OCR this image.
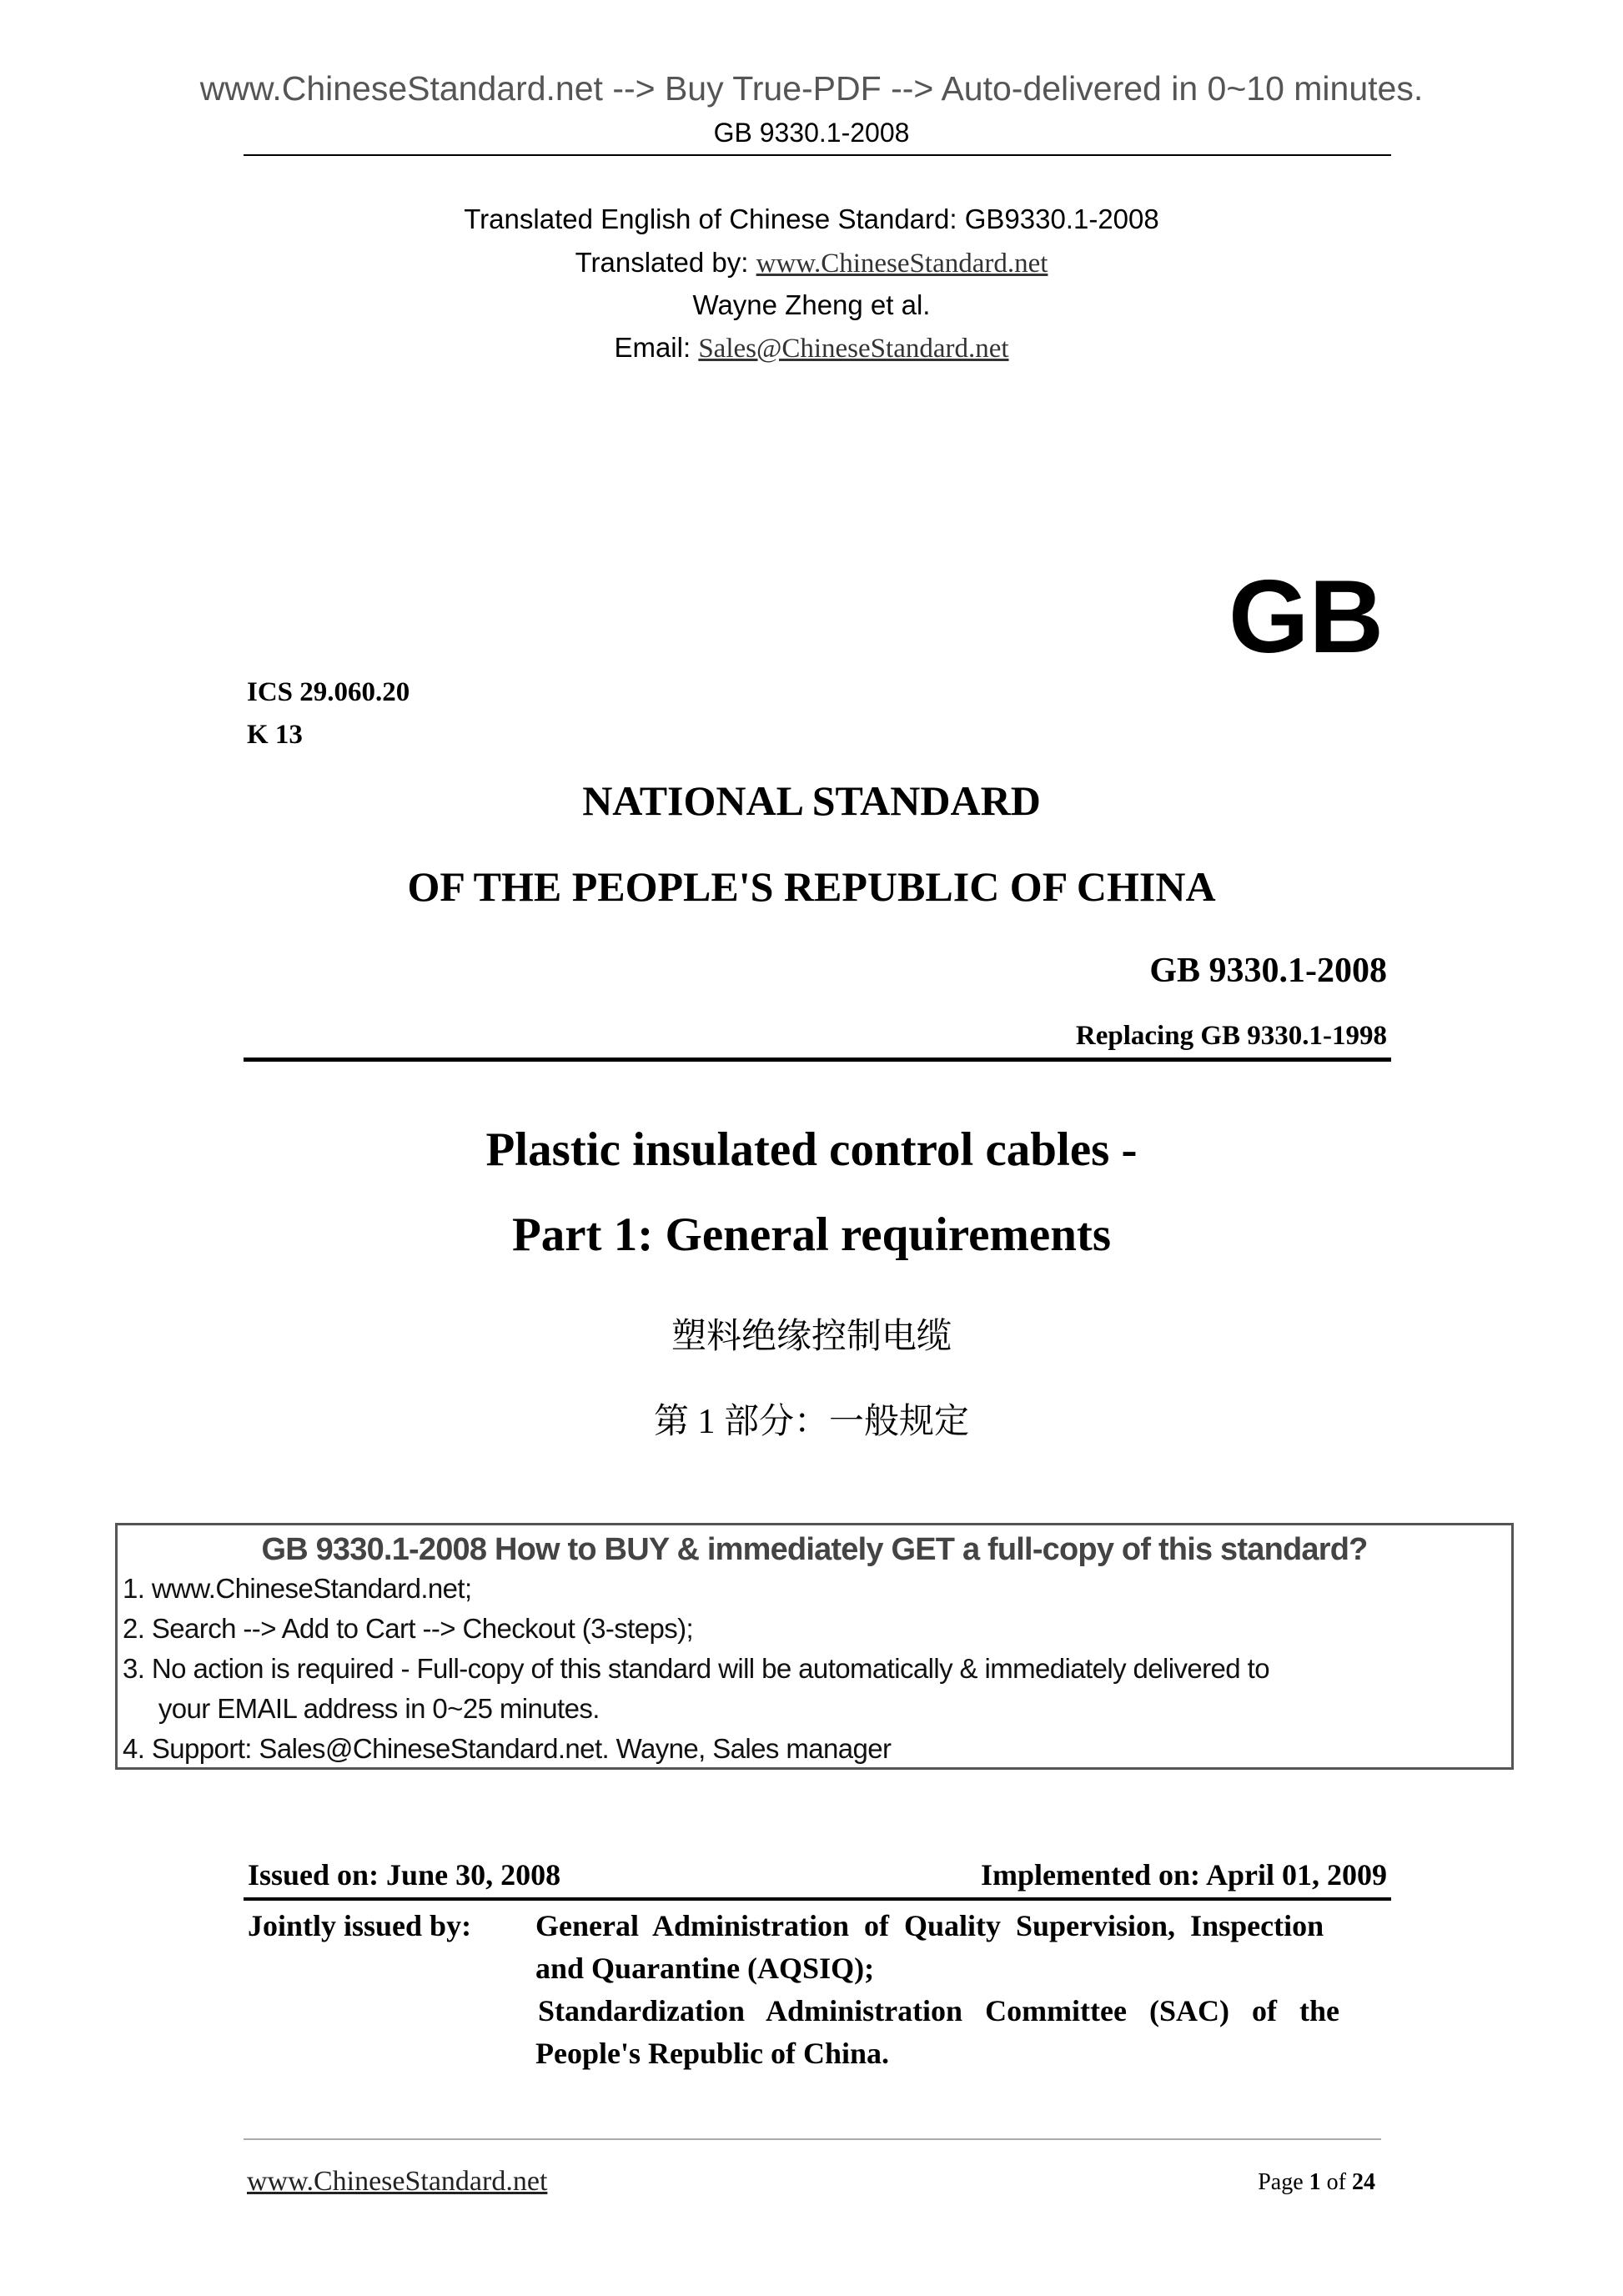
www.ChineseStandard.net --> Buy True-PDF --> Auto-delivered in 0~10 minutes.
GB 9330.1-2008
Translated English of Chinese Standard: GB9330.1-2008
Translated by: www.ChineseStandard.net
Wayne Zheng et al.
Email: Sales@ChineseStandard.net
GB
ICS 29.060.20
K 13
NATIONAL STANDARD
OF THE PEOPLE'S REPUBLIC OF CHINA
GB 9330.1-2008
Replacing GB 9330.1-1998
Plastic insulated control cables -
Part 1: General requirements
塑料绝缘控制电缆
第 1 部分：一般规定
GB 9330.1-2008 How to BUY & immediately GET a full-copy of this standard?
1. www.ChineseStandard.net;
2. Search --> Add to Cart --> Checkout (3-steps);
3. No action is required - Full-copy of this standard will be automatically & immediately delivered to
your EMAIL address in 0~25 minutes.
4. Support: Sales@ChineseStandard.net. Wayne, Sales manager
Issued on: June 30, 2008	Implemented on: April 01, 2009
Jointly issued by: General  Administration  of  Quality  Supervision,  Inspection
and Quarantine (AQSIQ);
Standardization   Administration   Committee   (SAC)   of   the
People's Republic of China.
www.ChineseStandard.net	Page 1 of 24
